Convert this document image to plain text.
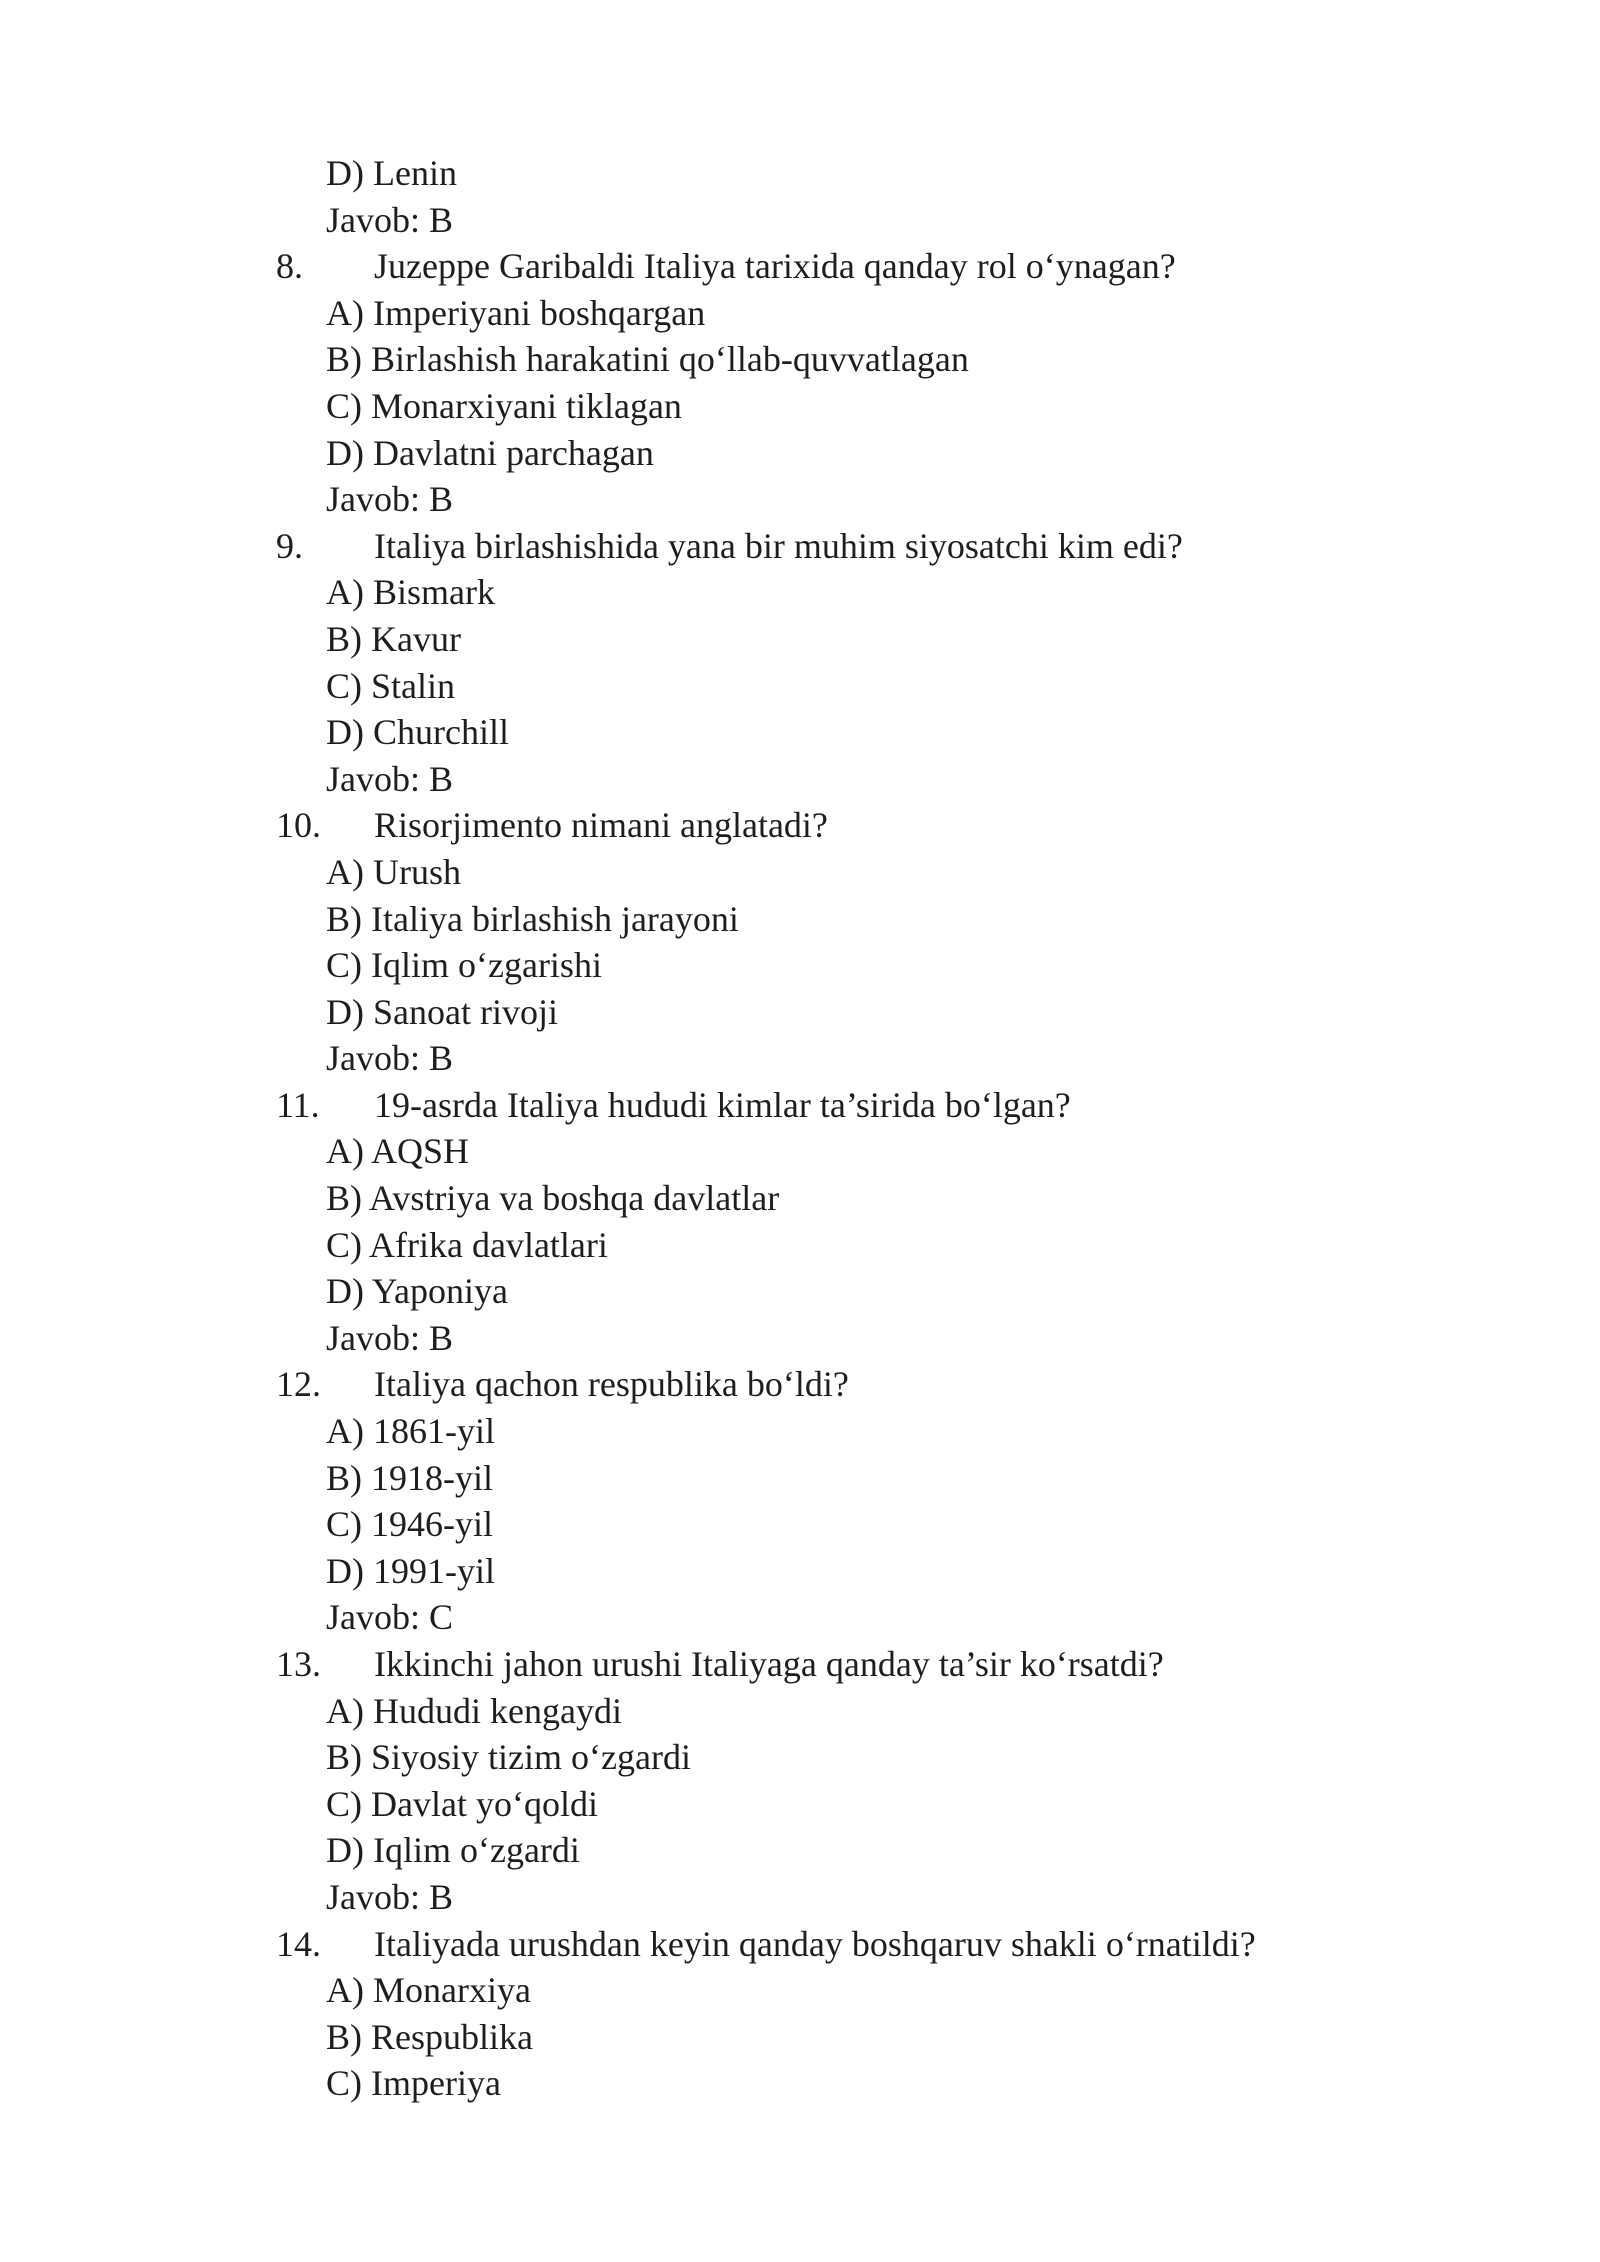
D) Lenin
Javob: B
8. Juzeppe Garibaldi Italiya tarixida qanday rol o‘ynagan?
A) Imperiyani boshqargan
B) Birlashish harakatini qo‘llab-quvvatlagan
C) Monarxiyani tiklagan
D) Davlatni parchagan
Javob: B
9. Italiya birlashishida yana bir muhim siyosatchi kim edi?
A) Bismark
B) Kavur
C) Stalin
D) Churchill
Javob: B
10. Risorjimento nimani anglatadi?
A) Urush
B) Italiya birlashish jarayoni
C) Iqlim o‘zgarishi
D) Sanoat rivoji
Javob: B
11. 19-asrda Italiya hududi kimlar ta’sirida bo‘lgan?
A) AQSH
B) Avstriya va boshqa davlatlar
C) Afrika davlatlari
D) Yaponiya
Javob: B
12. Italiya qachon respublika bo‘ldi?
A) 1861-yil
B) 1918-yil
C) 1946-yil
D) 1991-yil
Javob: C
13. Ikkinchi jahon urushi Italiyaga qanday ta’sir ko‘rsatdi?
A) Hududi kengaydi
B) Siyosiy tizim o‘zgardi
C) Davlat yo‘qoldi
D) Iqlim o‘zgardi
Javob: B
14. Italiyada urushdan keyin qanday boshqaruv shakli o‘rnatildi?
A) Monarxiya
B) Respublika
C) Imperiya
